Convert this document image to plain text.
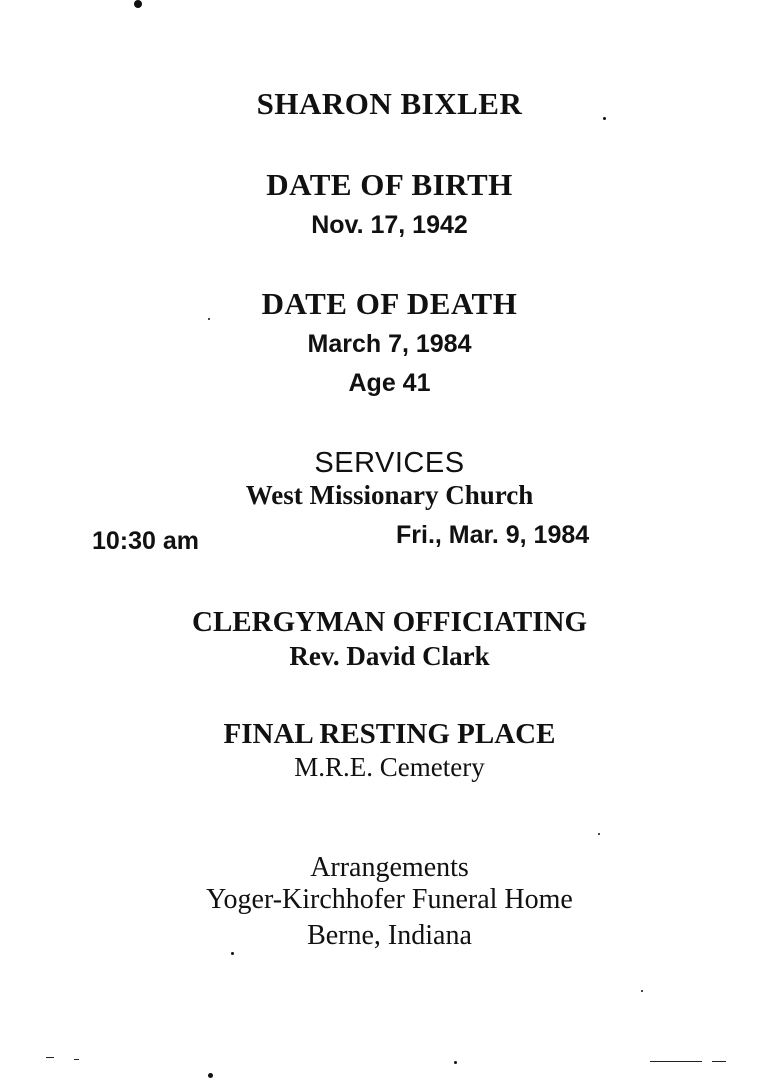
SHARON BIXLER
DATE OF BIRTH
Nov. 17, 1942
DATE OF DEATH
March 7, 1984
Age 41
SERVICES
West Missionary Church
10:30 am	Fri., Mar. 9, 1984
CLERGYMAN OFFICIATING
Rev. David Clark
FINAL RESTING PLACE
M.R.E. Cemetery
Arrangements
Yoger-Kirchhofer Funeral Home
Berne, Indiana
